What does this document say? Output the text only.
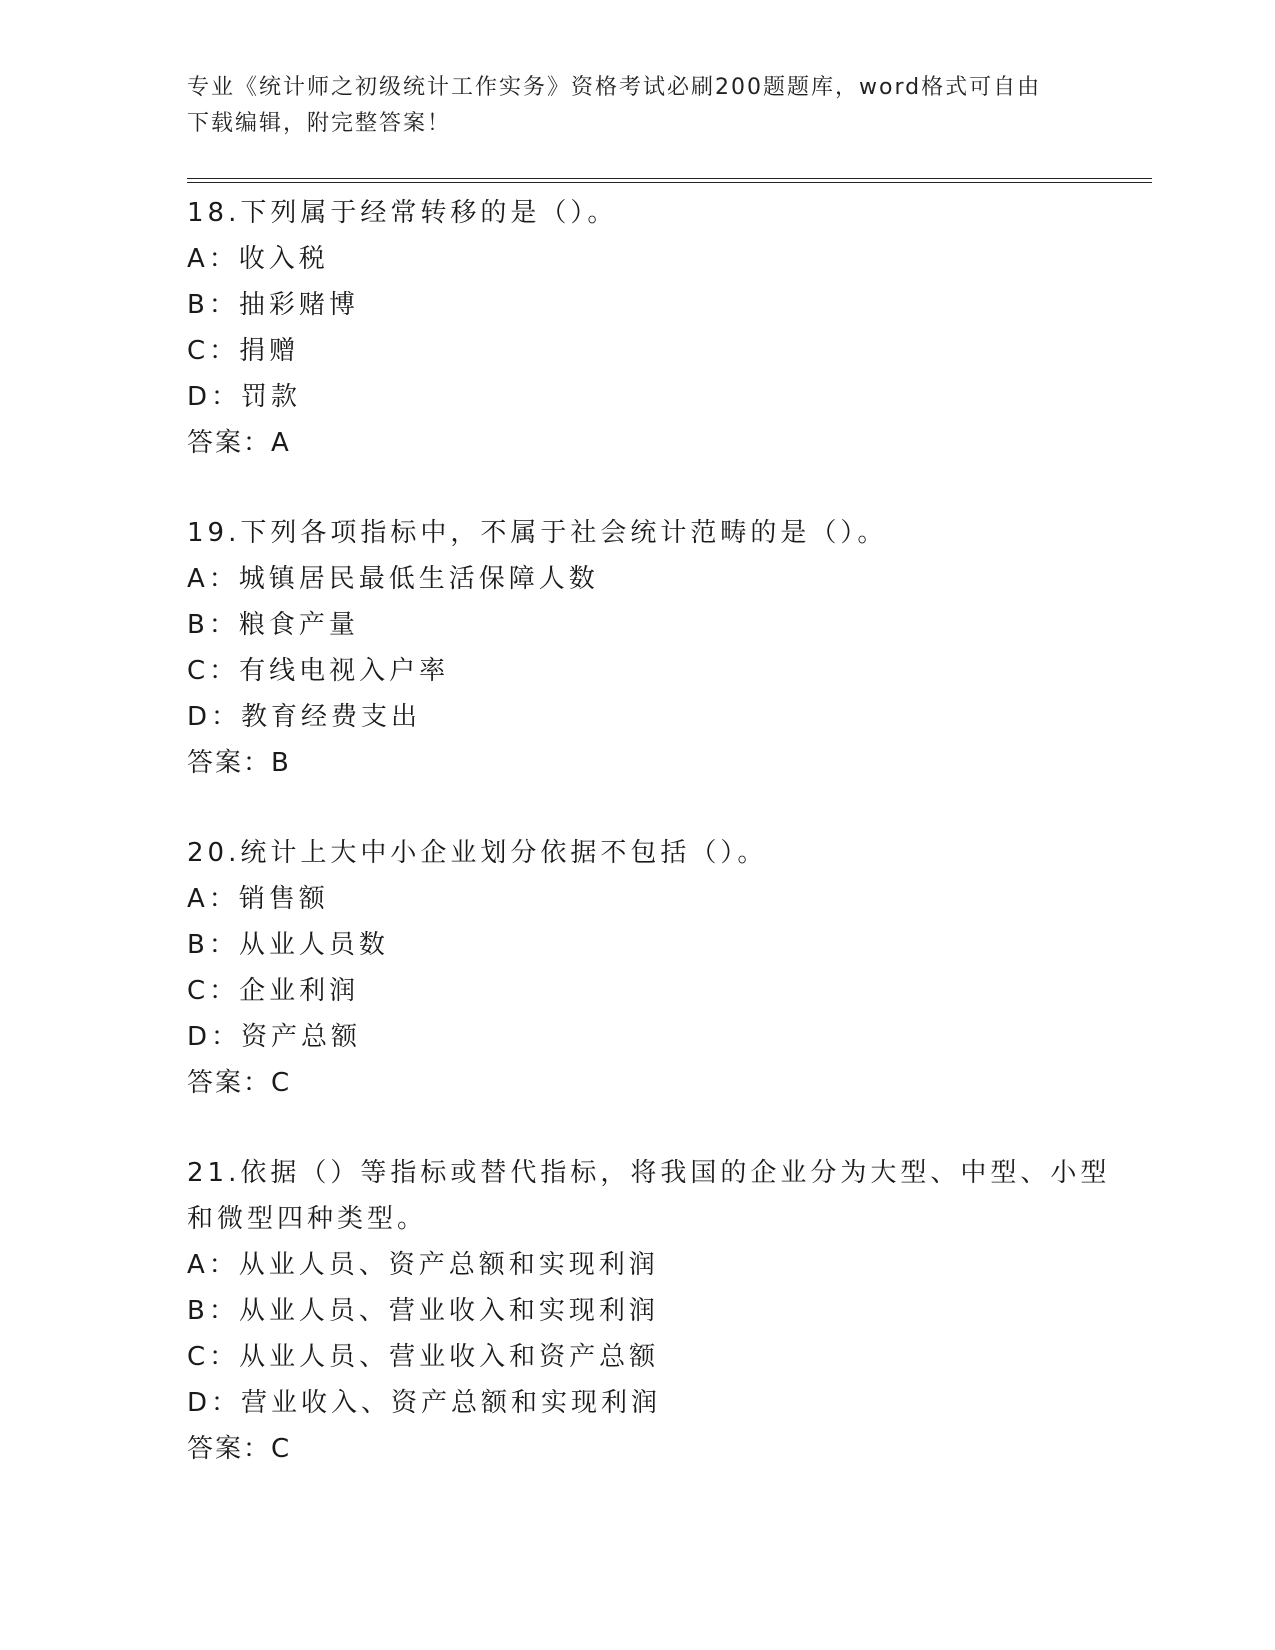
专业《统计师之初级统计工作实务》资格考试必刷200题题库，word格式可自由
下载编辑，附完整答案！
18.下列属于经常转移的是（）。
A：收入税
B：抽彩赌博
C：捐赠
D：罚款
答案：A
19.下列各项指标中，不属于社会统计范畴的是（）。
A：城镇居民最低生活保障人数
B：粮食产量
C：有线电视入户率
D：教育经费支出
答案：B
20.统计上大中小企业划分依据不包括（）。
A：销售额
B：从业人员数
C：企业利润
D：资产总额
答案：C
21.依据（）等指标或替代指标，将我国的企业分为大型、中型、小型
和微型四种类型。
A：从业人员、资产总额和实现利润
B：从业人员、营业收入和实现利润
C：从业人员、营业收入和资产总额
D：营业收入、资产总额和实现利润
答案：C
